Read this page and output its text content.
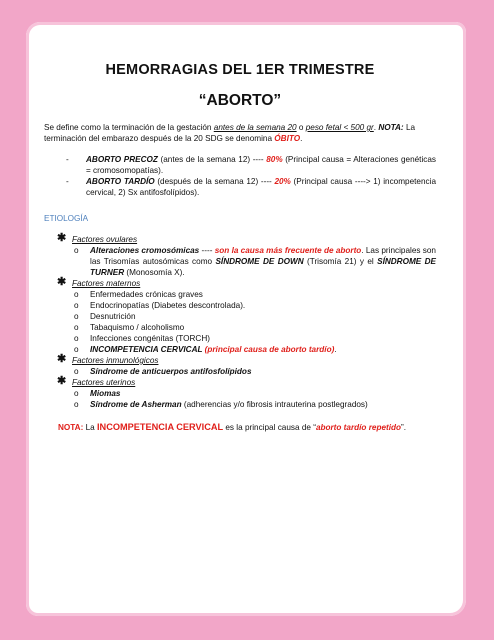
HEMORRAGIAS DEL 1ER TRIMESTRE
“ABORTO”

Se define como la terminación de la gestación antes de la semana 20 o peso fetal < 500 gr. NOTA: La terminación del embarazo después de la 20 SDG se denomina ÓBITO.

- ABORTO PRECOZ (antes de la semana 12) ---- 80% (Principal causa = Alteraciones genéticas = cromosomopatías).
- ABORTO TARDÍO (después de la semana 12) ---- 20% (Principal causa ----> 1) incompetencia cervical, 2) Sx antifosfolípidos).
ETIOLOGÍA
✱ Factores ovulares
o Alteraciones cromosómicas ---- son la causa más frecuente de aborto. Las principales son las Trisomías autosómicas como SÍNDROME DE DOWN (Trisomía 21) y el SÍNDROME DE TURNER (Monosomía X).
✱ Factores maternos
o Enfermedades crónicas graves
o Endocrinopatías (Diabetes descontrolada).
o Desnutrición
o Tabaquismo / alcoholismo
o Infecciones congénitas (TORCH)
o INCOMPETENCIA CERVICAL (principal causa de aborto tardío).
✱ Factores inmunológicos
o Síndrome de anticuerpos antifosfolípidos
✱ Factores uterinos
o Miomas
o Síndrome de Asherman (adherencias y/o fibrosis intrauterina postlegrados)

NOTA: La INCOMPETENCIA CERVICAL es la principal causa de “aborto tardío repetido”.
